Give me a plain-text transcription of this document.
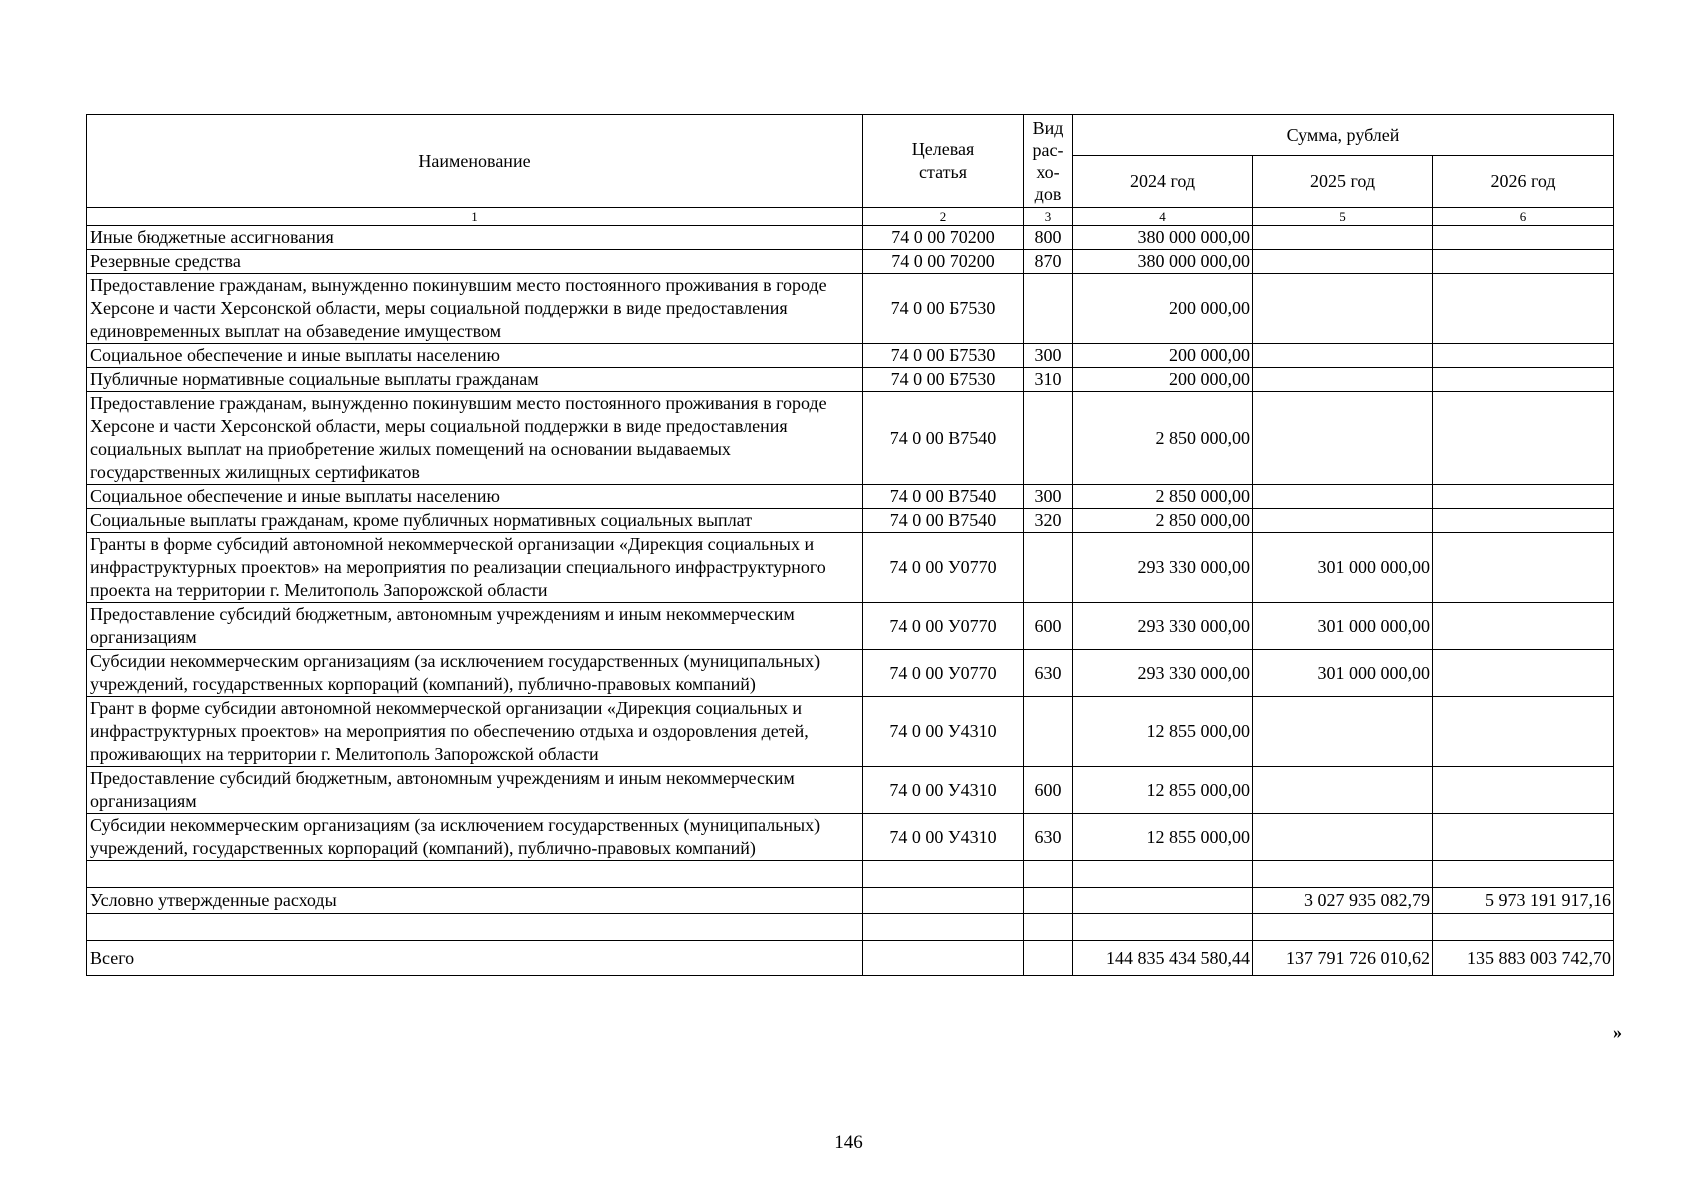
Наименование	Целевая статья	Вид рас- хо- дов	Сумма, рублей		
			2024 год	2025 год	2026 год
1	2	3	4	5	6
Иные бюджетные ассигнования	74 0 00 70200	800	380 000 000,00		
Резервные средства	74 0 00 70200	870	380 000 000,00		
Предоставление гражданам, вынужденно покинувшим место постоянного проживания в городе Херсоне и части Херсонской области, меры социальной поддержки в виде предоставления единовременных выплат на обзаведение имуществом	74 0 00 Б7530		200 000,00		
Социальное обеспечение и иные выплаты населению	74 0 00 Б7530	300	200 000,00		
Публичные нормативные социальные выплаты гражданам	74 0 00 Б7530	310	200 000,00		
Предоставление гражданам, вынужденно покинувшим место постоянного проживания в городе Херсоне и части Херсонской области, меры социальной поддержки в виде предоставления социальных выплат на приобретение жилых помещений на основании выдаваемых государственных жилищных сертификатов	74 0 00 В7540		2 850 000,00		
Социальное обеспечение и иные выплаты населению	74 0 00 В7540	300	2 850 000,00		
Социальные выплаты гражданам, кроме публичных нормативных социальных выплат	74 0 00 В7540	320	2 850 000,00		
Гранты в форме субсидий автономной некоммерческой организации «Дирекция социальных и инфраструктурных проектов» на мероприятия по реализации специального инфраструктурного проекта на территории г. Мелитополь Запорожской области	74 0 00 У0770		293 330 000,00	301 000 000,00	
Предоставление субсидий бюджетным, автономным учреждениям и иным некоммерческим организациям	74 0 00 У0770	600	293 330 000,00	301 000 000,00	
Субсидии некоммерческим организациям (за исключением государственных (муниципальных) учреждений, государственных корпораций (компаний), публично-правовых компаний)	74 0 00 У0770	630	293 330 000,00	301 000 000,00	
Грант в форме субсидии автономной некоммерческой организации «Дирекция социальных и инфраструктурных проектов» на мероприятия по обеспечению отдыха и оздоровления детей, проживающих на территории г. Мелитополь Запорожской области	74 0 00 У4310		12 855 000,00		
Предоставление субсидий бюджетным, автономным учреждениям и иным некоммерческим организациям	74 0 00 У4310	600	12 855 000,00		
Субсидии некоммерческим организациям (за исключением государственных (муниципальных) учреждений, государственных корпораций (компаний), публично-правовых компаний)	74 0 00 У4310	630	12 855 000,00		

Условно утвержденные расходы				3 027 935 082,79	5 973 191 917,16

Всего			144 835 434 580,44	137 791 726 010,62	135 883 003 742,70
»
146
